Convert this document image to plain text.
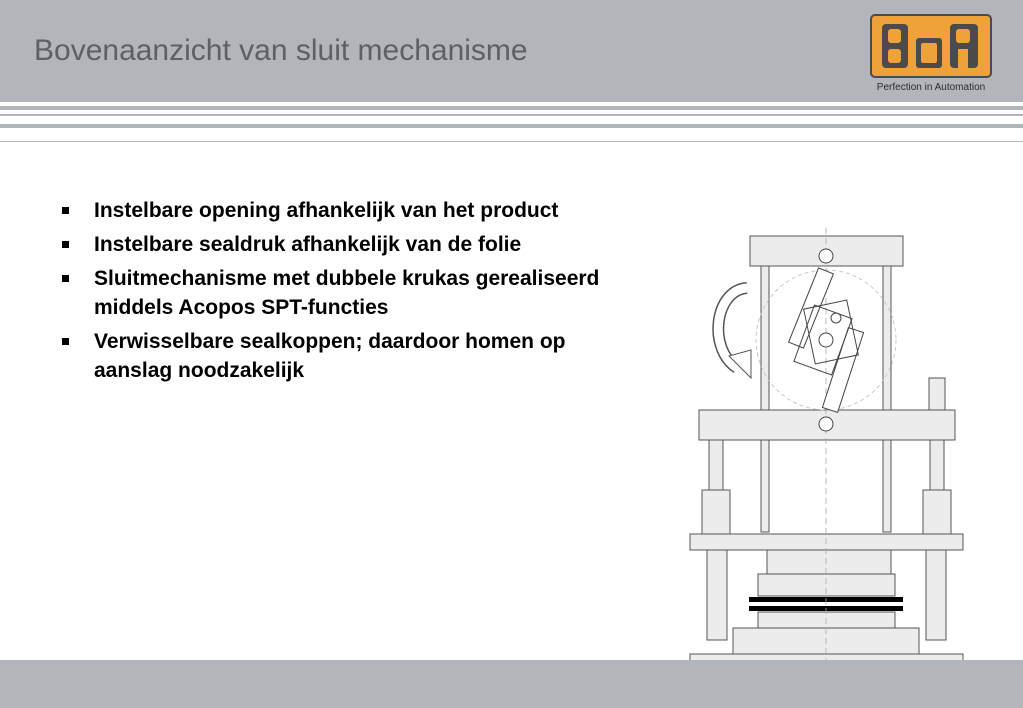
Bovenaanzicht van sluit mechanisme
Perfection in Automation
Instelbare opening afhankelijk van het product
Instelbare sealdruk afhankelijk van de folie
Sluitmechanisme met dubbele krukas gerealiseerd middels Acopos SPT-functies
Verwisselbare sealkoppen; daardoor homen op aanslag noodzakelijk
